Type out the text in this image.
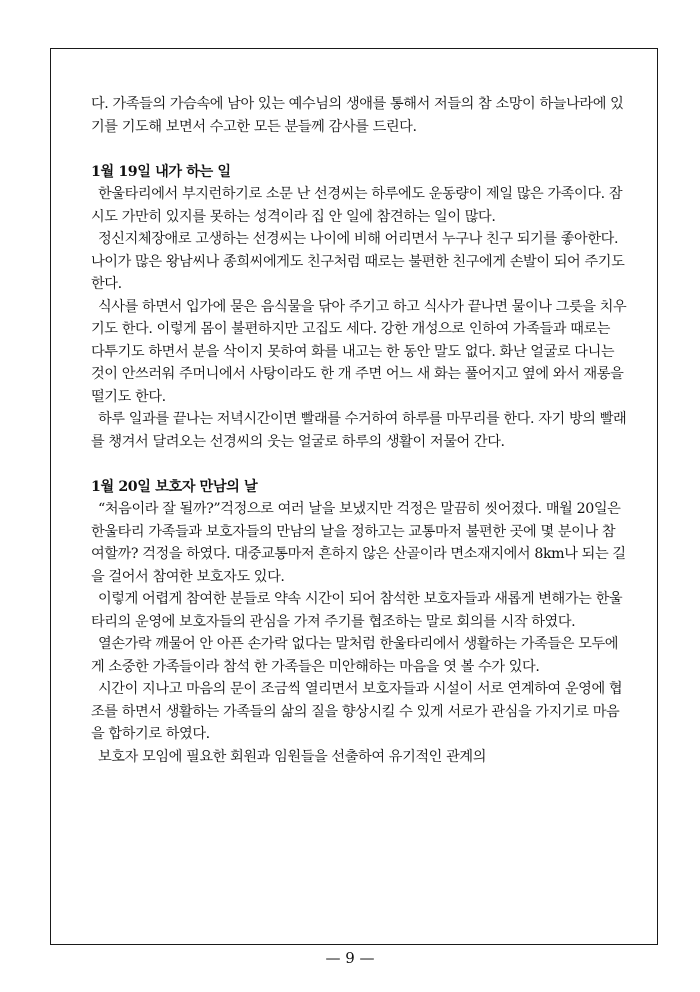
다. 가족들의 가슴속에 남아 있는 예수님의 생애를 통해서 저들의 참 소망이 하늘나라에 있기를 기도해 보면서 수고한 모든 분들께 감사를 드린다.

1월 19일 내가 하는 일

한울타리에서 부지런하기로 소문 난 선경씨는 하루에도 운동량이 제일 많은 가족이다. 잠시도 가만히 있지를 못하는 성격이라 집 안 일에 참견하는 일이 많다.

정신지체장애로 고생하는 선경씨는 나이에 비해 어리면서 누구나 친구 되기를 좋아한다. 나이가 많은 왕남씨나 종희씨에게도 친구처럼 때로는 불편한 친구에게 손발이 되어 주기도 한다.

식사를 하면서 입가에 묻은 음식물을 닦아 주기고 하고 식사가 끝나면 물이나 그릇을 치우기도 한다. 이렇게 몸이 불편하지만 고집도 세다. 강한 개성으로 인하여 가족들과 때로는 다투기도 하면서 분을 삭이지 못하여 화를 내고는 한 동안 말도 없다. 화난 얼굴로 다니는 것이 안쓰러워 주머니에서 사탕이라도 한 개 주면 어느 새 화는 풀어지고 옆에 와서 재롱을 떨기도 한다.

하루 일과를 끝나는 저녁시간이면 빨래를 수거하여 하루를 마무리를 한다. 자기 방의 빨래를 챙겨서 달려오는 선경씨의 웃는 얼굴로 하루의 생활이 저물어 간다.

1월 20일 보호자 만남의 날

“처음이라 잘 될까?”걱정으로 여러 날을 보냈지만 걱정은 말끔히 씻어졌다. 매월 20일은 한울타리 가족들과 보호자들의 만남의 날을 정하고는 교통마저 불편한 곳에 몇 분이나 참여할까? 걱정을 하였다. 대중교통마저 흔하지 않은 산골이라 면소재지에서 8km나 되는 길을 걸어서 참여한 보호자도 있다.

이렇게 어렵게 참여한 분들로 약속 시간이 되어 참석한 보호자들과 새롭게 변해가는 한울타리의 운영에 보호자들의 관심을 가져 주기를 협조하는 말로 회의를 시작 하였다.

열손가락 깨물어 안 아픈 손가락 없다는 말처럼 한울타리에서 생활하는 가족들은 모두에게 소중한 가족들이라 참석 한 가족들은 미안해하는 마음을 엿 볼 수가 있다.

시간이 지나고 마음의 문이 조금씩 열리면서 보호자들과 시설이 서로 연계하여 운영에 협조를 하면서 생활하는 가족들의 삶의 질을 향상시킬 수 있게 서로가 관심을 가지기로 마음을 합하기로 하였다.

보호자 모임에 필요한 회원과 임원들을 선출하여 유기적인 관계의

— 9 —
